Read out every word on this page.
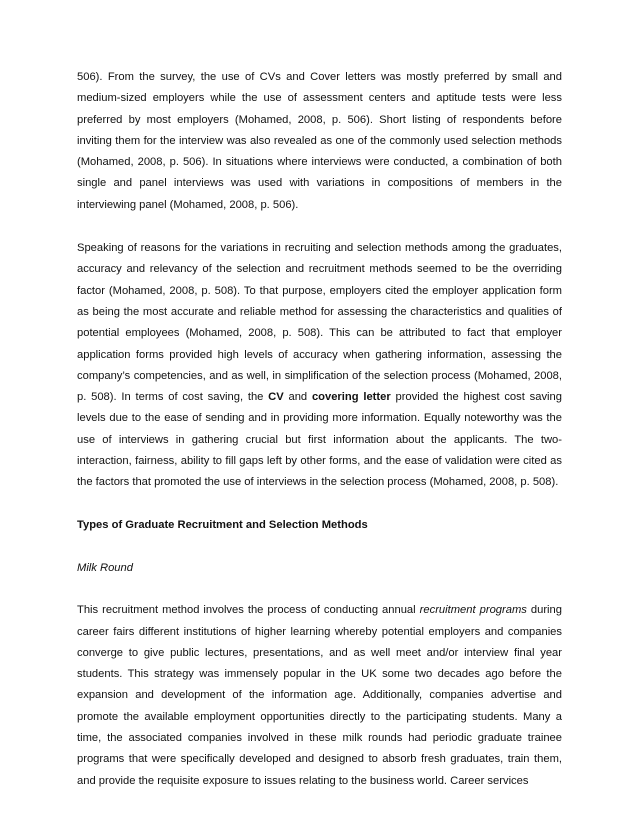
506). From the survey, the use of CVs and Cover letters was mostly preferred by small and medium-sized employers while the use of assessment centers and aptitude tests were less preferred by most employers (Mohamed, 2008, p. 506). Short listing of respondents before inviting them for the interview was also revealed as one of the commonly used selection methods (Mohamed, 2008, p. 506). In situations where interviews were conducted, a combination of both single and panel interviews was used with variations in compositions of members in the interviewing panel (Mohamed, 2008, p. 506).

Speaking of reasons for the variations in recruiting and selection methods among the graduates, accuracy and relevancy of the selection and recruitment methods seemed to be the overriding factor (Mohamed, 2008, p. 508). To that purpose, employers cited the employer application form as being the most accurate and reliable method for assessing the characteristics and qualities of potential employees (Mohamed, 2008, p. 508). This can be attributed to fact that employer application forms provided high levels of accuracy when gathering information, assessing the company’s competencies, and as well, in simplification of the selection process (Mohamed, 2008, p. 508). In terms of cost saving, the CV and covering letter provided the highest cost saving levels due to the ease of sending and in providing more information. Equally noteworthy was the use of interviews in gathering crucial but first information about the applicants. The two-interaction, fairness, ability to fill gaps left by other forms, and the ease of validation were cited as the factors that promoted the use of interviews in the selection process (Mohamed, 2008, p. 508).

Types of Graduate Recruitment and Selection Methods

Milk Round

This recruitment method involves the process of conducting annual recruitment programs during career fairs different institutions of higher learning whereby potential employers and companies converge to give public lectures, presentations, and as well meet and/or interview final year students. This strategy was immensely popular in the UK some two decades ago before the expansion and development of the information age. Additionally, companies advertise and promote the available employment opportunities directly to the participating students. Many a time, the associated companies involved in these milk rounds had periodic graduate trainee programs that were specifically developed and designed to absorb fresh graduates, train them, and provide the requisite exposure to issues relating to the business world. Career services
